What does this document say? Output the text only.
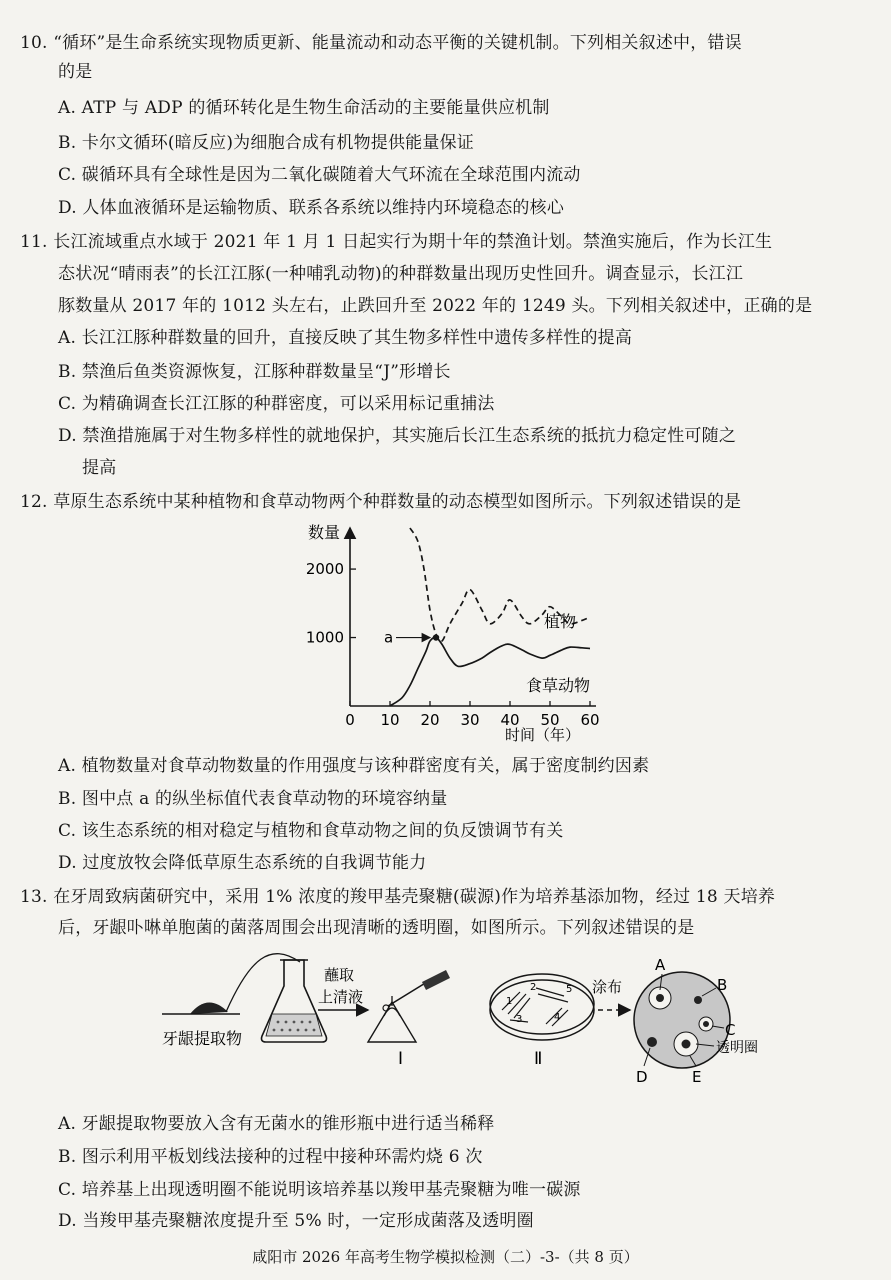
10. “循环”是生命系统实现物质更新、能量流动和动态平衡的关键机制。下列相关叙述中，错误
的是
A. ATP 与 ADP 的循环转化是生物生命活动的主要能量供应机制
B. 卡尔文循环(暗反应)为细胞合成有机物提供能量保证
C. 碳循环具有全球性是因为二氧化碳随着大气环流在全球范围内流动
D. 人体血液循环是运输物质、联系各系统以维持内环境稳态的核心
11. 长江流域重点水域于 2021 年 1 月 1 日起实行为期十年的禁渔计划。禁渔实施后，作为长江生
态状况“晴雨表”的长江江豚(一种哺乳动物)的种群数量出现历史性回升。调查显示，长江江
豚数量从 2017 年的 1012 头左右，止跌回升至 2022 年的 1249 头。下列相关叙述中，正确的是
A. 长江江豚种群数量的回升，直接反映了其生物多样性中遗传多样性的提高
B. 禁渔后鱼类资源恢复，江豚种群数量呈“J”形增长
C. 为精确调查长江江豚的种群密度，可以采用标记重捕法
D. 禁渔措施属于对生物多样性的就地保护，其实施后长江生态系统的抵抗力稳定性可随之
提高
12. 草原生态系统中某种植物和食草动物两个种群数量的动态模型如图所示。下列叙述错误的是
数量
时间（年）
0 10 20 30 40 50 60
1000
2000
a
植物
食草动物
A. 植物数量对食草动物数量的作用强度与该种群密度有关，属于密度制约因素
B. 图中点 a 的纵坐标值代表食草动物的环境容纳量
C. 该生态系统的相对稳定与植物和食草动物之间的负反馈调节有关
D. 过度放牧会降低草原生态系统的自我调节能力
13. 在牙周致病菌研究中，采用 1% 浓度的羧甲基壳聚糖(碳源)作为培养基添加物，经过 18 天培养
后，牙龈卟啉单胞菌的菌落周围会出现清晰的透明圈，如图所示。下列叙述错误的是
牙龈提取物
蘸取
上清液
Ⅰ
1
2
3	4
5
Ⅱ
涂布
A
B
C
D	E
透明圈
A. 牙龈提取物要放入含有无菌水的锥形瓶中进行适当稀释
B. 图示利用平板划线法接种的过程中接种环需灼烧 6 次
C. 培养基上出现透明圈不能说明该培养基以羧甲基壳聚糖为唯一碳源
D. 当羧甲基壳聚糖浓度提升至 5% 时，一定形成菌落及透明圈
咸阳市 2026 年高考生物学模拟检测（二）-3-（共 8 页）
